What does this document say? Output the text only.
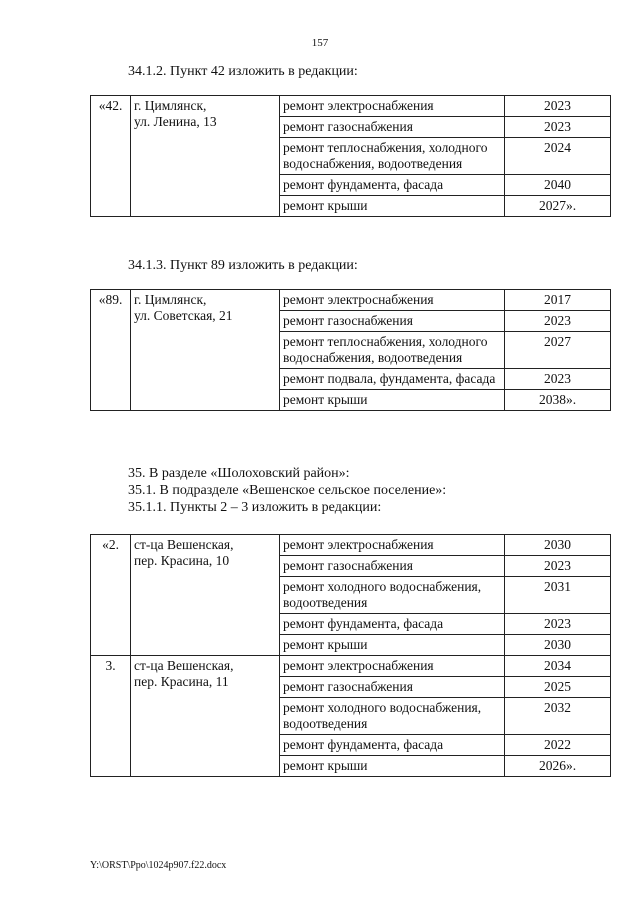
157
34.1.2. Пункт 42 изложить в редакции:
«42.	г. Цимлянск,
ул. Ленина, 13	ремонт электроснабжения	2023
		ремонт газоснабжения	2023
		ремонт теплоснабжения, холодного водоснабжения, водоотведения	2024
		ремонт фундамента, фасада	2040
		ремонт крыши	2027».
34.1.3. Пункт 89 изложить в редакции:
«89.	г. Цимлянск,
ул. Советская, 21	ремонт электроснабжения	2017
		ремонт газоснабжения	2023
		ремонт теплоснабжения, холодного водоснабжения, водоотведения	2027
		ремонт подвала, фундамента, фасада	2023
		ремонт крыши	2038».
35. В разделе «Шолоховский район»:
35.1. В подразделе «Вешенское сельское поселение»:
35.1.1. Пункты 2 – 3 изложить в редакции:
«2.	ст-ца Вешенская,
пер. Красина, 10	ремонт электроснабжения	2030
		ремонт газоснабжения	2023
		ремонт холодного водоснабжения, водоотведения	2031
		ремонт фундамента, фасада	2023
		ремонт крыши	2030
3.	ст-ца Вешенская,
пер. Красина, 11	ремонт электроснабжения	2034
		ремонт газоснабжения	2025
		ремонт холодного водоснабжения, водоотведения	2032
		ремонт фундамента, фасада	2022
		ремонт крыши	2026».
Y:\ORST\Ppo\1024p907.f22.docx
